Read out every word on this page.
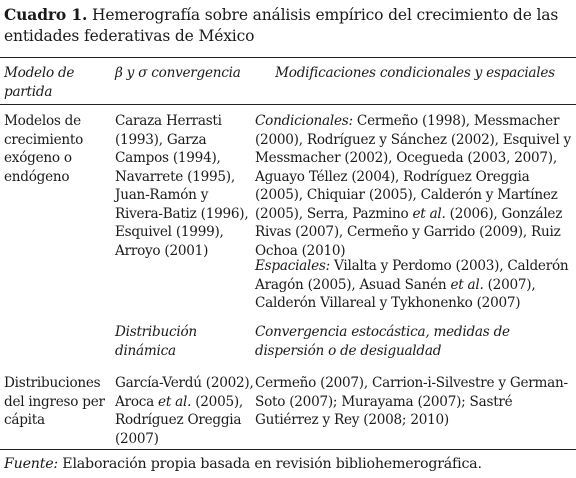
Cuadro 1. Hemerografía sobre análisis empírico del crecimiento de las entidades federativas de México
Modelo de partida
β y σ convergencia	Modificaciones condicionales y espaciales
Modelos de crecimiento exógeno o endógeno
Caraza Herrasti (1993), Garza Campos (1994), Navarrete (1995), Juan-Ramón y Rivera-Batiz (1996), Esquivel (1999), Arroyo (2001)
Condicionales: Cermeño (1998), Messmacher (2000), Rodríguez y Sánchez (2002), Esquivel y Messmacher (2002), Ocegueda (2003, 2007), Aguayo Téllez (2004), Rodríguez Oreggia (2005), Chiquiar (2005), Calderón y Martínez (2005), Serra, Pazmino et al. (2006), González Rivas (2007), Cermeño y Garrido (2009), Ruiz Ochoa (2010)
Espaciales: Vilalta y Perdomo (2003), Calderón Aragón (2005), Asuad Sanén et al. (2007), Calderón Villareal y Tykhonenko (2007)
Distribución dinámica
Convergencia estocástica, medidas de dispersión o de desigualdad
Distribuciones del ingreso per cápita
García-Verdú (2002), Aroca et al. (2005), Rodríguez Oreggia (2007)
Cermeño (2007), Carrion-i-Silvestre y German-Soto (2007); Murayama (2007); Sastré Gutiérrez y Rey (2008; 2010)
Fuente: Elaboración propia basada en revisión bibliohemerográfica.
